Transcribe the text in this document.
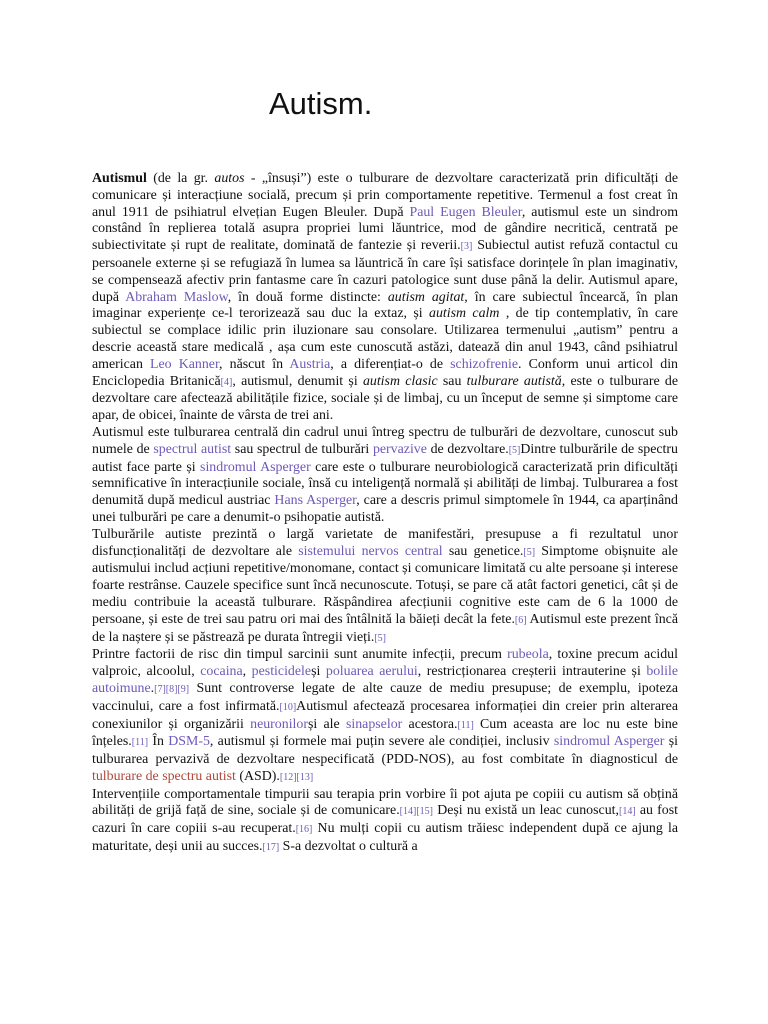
Autism.

Autismul (de la gr. autos - „însuși”) este o tulburare de dezvoltare caracterizată prin dificultăți de comunicare și interacțiune socială, precum și prin comportamente repetitive. Termenul a fost creat în anul 1911 de psihiatrul elvețian Eugen Bleuler. După Paul Eugen Bleuler, autismul este un sindrom constând în replierea totală asupra propriei lumi lăuntrice, mod de gândire necritică, centrată pe subiectivitate și rupt de realitate, dominată de fantezie și reverii.[3] Subiectul autist refuză contactul cu persoanele externe și se refugiază în lumea sa lăuntrică în care își satisface dorințele în plan imaginativ, se compensează afectiv prin fantasme care în cazuri patologice sunt duse până la delir. Autismul apare, după Abraham Maslow, în două forme distincte: autism agitat, în care subiectul încearcă, în plan imaginar experiențe ce-l terorizează sau duc la extaz, și autism calm , de tip contemplativ, în care subiectul se complace idilic prin iluzionare sau consolare. Utilizarea termenului „autism” pentru a descrie această stare medicală , așa cum este cunoscută astăzi, datează din anul 1943, când psihiatrul american Leo Kanner, născut în Austria, a diferențiat-o de schizofrenie. Conform unui articol din Enciclopedia Britanică[4], autismul, denumit și autism clasic sau tulburare autistă, este o tulburare de dezvoltare care afectează abilitățile fizice, sociale și de limbaj, cu un început de semne și simptome care apar, de obicei, înainte de vârsta de trei ani.

Autismul este tulburarea centrală din cadrul unui întreg spectru de tulburări de dezvoltare, cunoscut sub numele de spectrul autist sau spectrul de tulburări pervazive de dezvoltare.[5]Dintre tulburările de spectru autist face parte și sindromul Asperger care este o tulburare neurobiologică caracterizată prin dificultăți semnificative în interacțiunile sociale, însă cu inteligență normală și abilități de limbaj. Tulburarea a fost denumită după medicul austriac Hans Asperger, care a descris primul simptomele în 1944, ca aparținând unei tulburări pe care a denumit-o psihopatie autistă.

Tulburările autiste prezintă o largă varietate de manifestări, presupuse a fi rezultatul unor disfuncționalități de dezvoltare ale sistemului nervos central sau genetice.[5] Simptome obișnuite ale autismului includ acțiuni repetitive/monomane, contact și comunicare limitată cu alte persoane și interese foarte restrânse. Cauzele specifice sunt încă necunoscute. Totuși, se pare că atât factori genetici, cât și de mediu contribuie la această tulburare. Răspândirea afecțiunii cognitive este cam de 6 la 1000 de persoane, și este de trei sau patru ori mai des întâlnită la băieți decât la fete.[6] Autismul este prezent încă de la naștere și se păstrează pe durata întregii vieți.[5]

Printre factorii de risc din timpul sarcinii sunt anumite infecții, precum rubeola, toxine precum acidul valproic, alcoolul, cocaina, pesticideleși poluarea aerului, restricționarea creșterii intrauterine și bolile autoimune.[7][8][9] Sunt controverse legate de alte cauze de mediu presupuse; de exemplu, ipoteza vaccinului, care a fost infirmată.[10]Autismul afectează procesarea informației din creier prin alterarea conexiunilor și organizării neuronilorși ale sinapselor acestora.[11] Cum aceasta are loc nu este bine înțeles.[11] În DSM-5, autismul și formele mai puțin severe ale condiției, inclusiv sindromul Asperger și tulburarea pervazivă de dezvoltare nespecificată (PDD-NOS), au fost combitate în diagnosticul de tulburare de spectru autist (ASD).[12][13]

Intervențiile comportamentale timpurii sau terapia prin vorbire îi pot ajuta pe copiii cu autism să obțină abilități de grijă față de sine, sociale și de comunicare.[14][15] Deși nu există un leac cunoscut,[14] au fost cazuri în care copiii s-au recuperat.[16] Nu mulți copii cu autism trăiesc independent după ce ajung la maturitate, deși unii au succes.[17] S-a dezvoltat o cultură a
